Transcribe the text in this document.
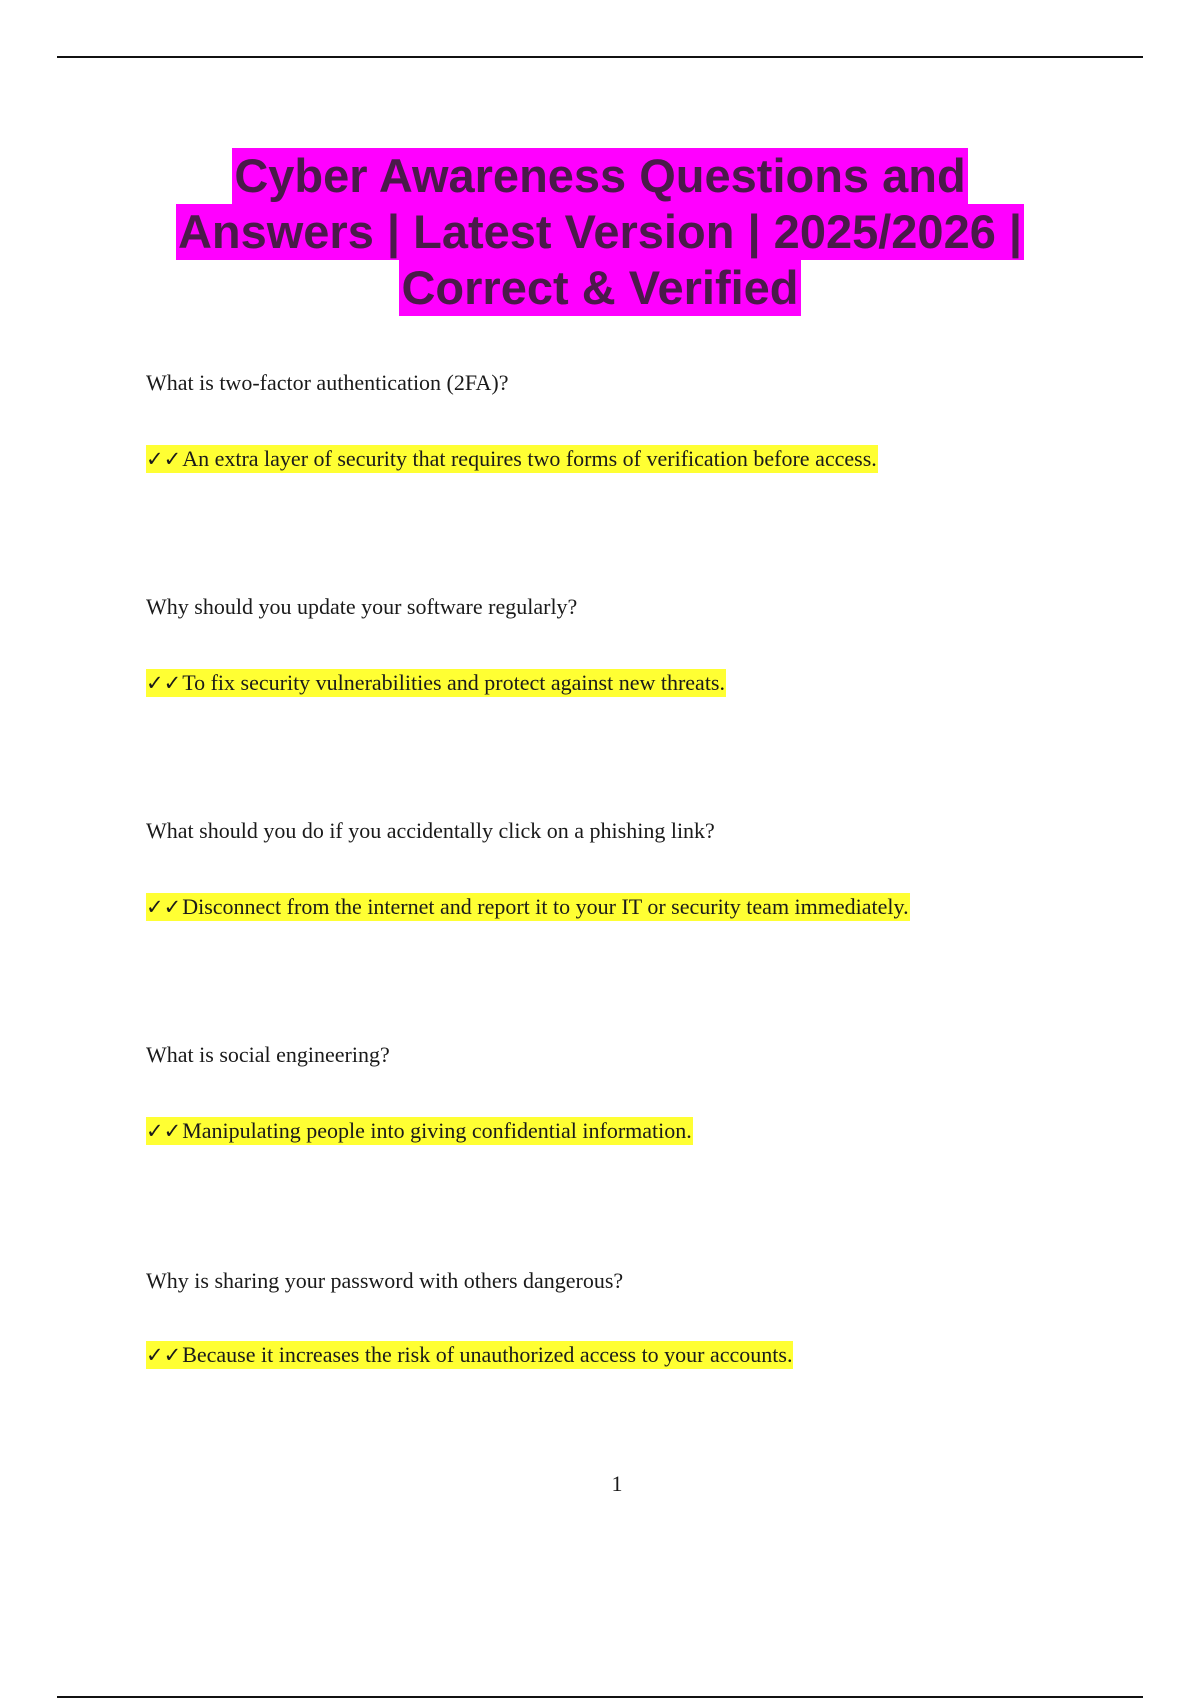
Cyber Awareness Questions and
Answers | Latest Version | 2025/2026 |
Correct & Verified
What is two-factor authentication (2FA)?
✓✓An extra layer of security that requires two forms of verification before access.
Why should you update your software regularly?
✓✓To fix security vulnerabilities and protect against new threats.
What should you do if you accidentally click on a phishing link?
✓✓Disconnect from the internet and report it to your IT or security team immediately.
What is social engineering?
✓✓Manipulating people into giving confidential information.
Why is sharing your password with others dangerous?
✓✓Because it increases the risk of unauthorized access to your accounts.
1
